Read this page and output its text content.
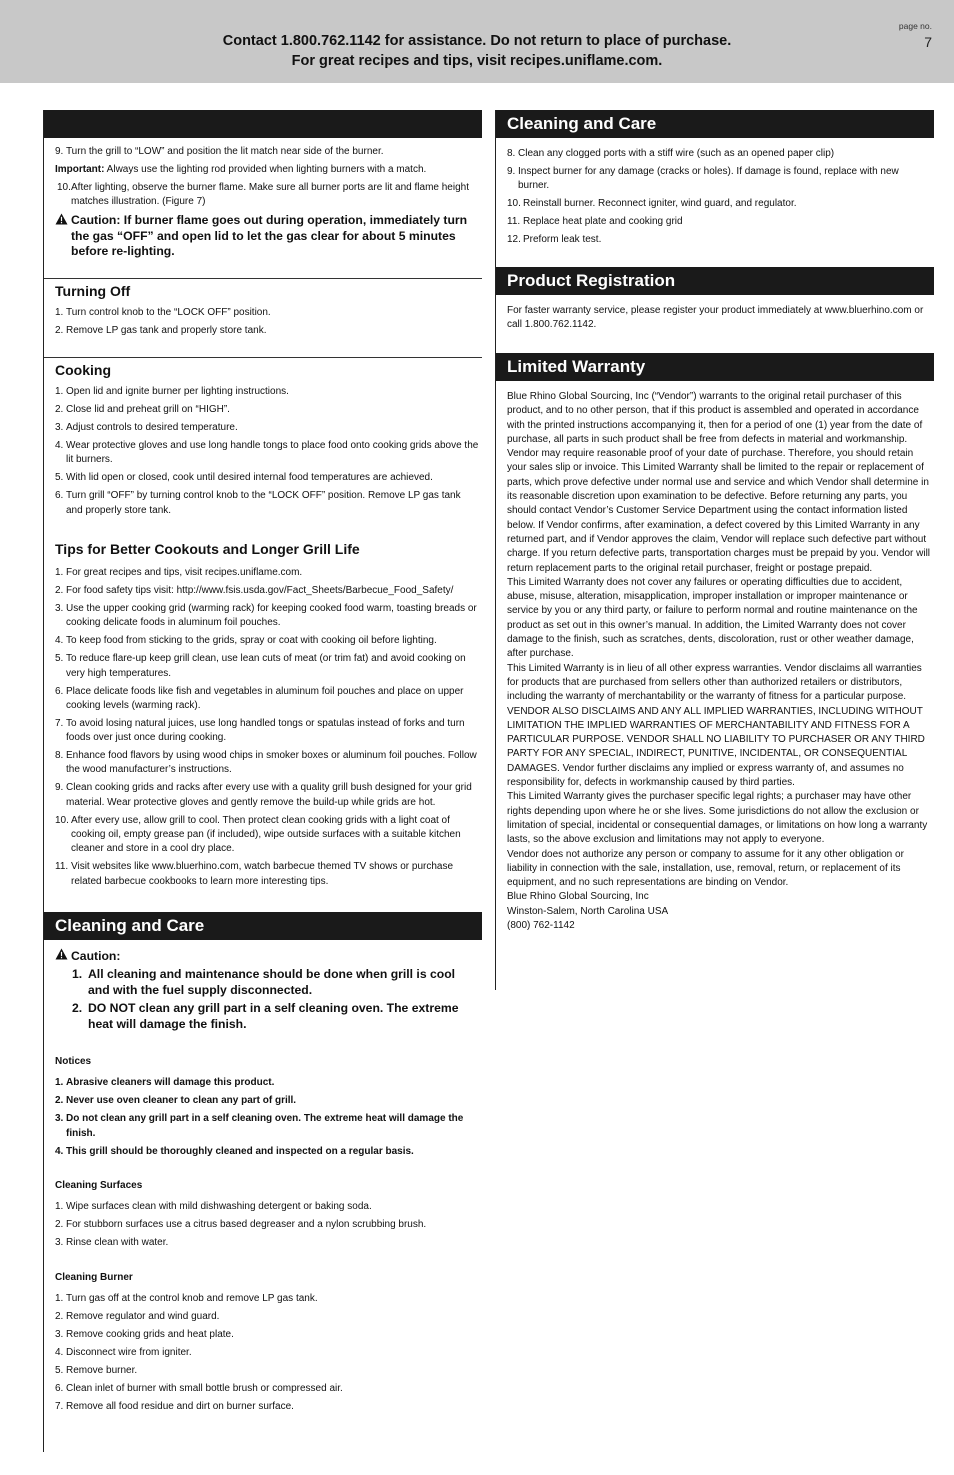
Contact 1.800.762.1142 for assistance. Do not return to place of purchase.
For great recipes and tips, visit recipes.uniflame.com.
page no.
7
9. Turn the grill to “LOW” and position the lit match near side of the burner.
Important: Always use the lighting rod provided when lighting burners with a match.
10. After lighting, observe the burner flame. Make sure all burner ports are lit and flame height matches illustration. (Figure 7)
Caution: If burner flame goes out during operation, immediately turn the gas “OFF” and open lid to let the gas clear for about 5 minutes before re-lighting.
Turning Off
1. Turn control knob to the “LOCK OFF” position.
2. Remove LP gas tank and properly store tank.
Cooking
1. Open lid and ignite burner per lighting instructions.
2. Close lid and preheat grill on “HIGH”.
3. Adjust controls to desired temperature.
4. Wear protective gloves and use long handle tongs to place food onto cooking grids above the lit burners.
5. With lid open or closed, cook until desired internal food temperatures are achieved.
6. Turn grill “OFF” by turning control knob to the “LOCK OFF” position. Remove LP gas tank and properly store tank.
Tips for Better Cookouts and Longer Grill Life
1. For great recipes and tips, visit recipes.uniflame.com.
2. For food safety tips visit: http://www.fsis.usda.gov/Fact_Sheets/Barbecue_Food_Safety/
3. Use the upper cooking grid (warming rack) for keeping cooked food warm, toasting breads or cooking delicate foods in aluminum foil pouches.
4. To keep food from sticking to the grids, spray or coat with cooking oil before lighting.
5. To reduce flare-up keep grill clean, use lean cuts of meat (or trim fat) and avoid cooking on very high temperatures.
6. Place delicate foods like fish and vegetables in aluminum foil pouches and place on upper cooking levels (warming rack).
7. To avoid losing natural juices, use long handled tongs or spatulas instead of forks and turn foods over just once during cooking.
8. Enhance food flavors by using wood chips in smoker boxes or aluminum foil pouches. Follow the wood manufacturer’s instructions.
9. Clean cooking grids and racks after every use with a quality grill bush designed for your grid material. Wear protective gloves and gently remove the build-up while grids are hot.
10. After every use, allow grill to cool. Then protect clean cooking grids with a light coat of cooking oil, empty grease pan (if included), wipe outside surfaces with a suitable kitchen cleaner and store in a cool dry place.
11. Visit websites like www.bluerhino.com, watch barbecue themed TV shows or purchase related barbecue cookbooks to learn more interesting tips.
Cleaning and Care
Caution:
1. All cleaning and maintenance should be done when grill is cool and with the fuel supply disconnected.
2. DO NOT clean any grill part in a self cleaning oven. The extreme heat will damage the finish.
Notices
1. Abrasive cleaners will damage this product.
2. Never use oven cleaner to clean any part of grill.
3. Do not clean any grill part in a self cleaning oven. The extreme heat will damage the finish.
4. This grill should be thoroughly cleaned and inspected on a regular basis.
Cleaning Surfaces
1. Wipe surfaces clean with mild dishwashing detergent or baking soda.
2. For stubborn surfaces use a citrus based degreaser and a nylon scrubbing brush.
3. Rinse clean with water.
Cleaning Burner
1. Turn gas off at the control knob and remove LP gas tank.
2. Remove regulator and wind guard.
3. Remove cooking grids and heat plate.
4. Disconnect wire from igniter.
5. Remove burner.
6. Clean inlet of burner with small bottle brush or compressed air.
7. Remove all food residue and dirt on burner surface.
Cleaning and Care
8. Clean any clogged ports with a stiff wire (such as an opened paper clip)
9. Inspect burner for any damage (cracks or holes). If damage is found, replace with new burner.
10. Reinstall burner. Reconnect igniter, wind guard, and regulator.
11. Replace heat plate and cooking grid
12. Preform leak test.
Product Registration
For faster warranty service, please register your product immediately at www.bluerhino.com or call 1.800.762.1142.
Limited Warranty

Blue Rhino Global Sourcing, Inc (“Vendor”) warrants to the original retail purchaser of this product, and to no other person, that if this product is assembled and operated in accordance with the printed instructions accompanying it, then for a period of one (1) year from the date of purchase, all parts in such product shall be free from defects in material and workmanship. Vendor may require reasonable proof of your date of purchase. Therefore, you should retain your sales slip or invoice. This Limited Warranty shall be limited to the repair or replacement of parts, which prove defective under normal use and service and which Vendor shall determine in its reasonable discretion upon examination to be defective. Before returning any parts, you should contact Vendor’s Customer Service Department using the contact information listed below. If Vendor confirms, after examination, a defect covered by this Limited Warranty in any returned part, and if Vendor approves the claim, Vendor will replace such defective part without charge. If you return defective parts, transportation charges must be prepaid by you. Vendor will return replacement parts to the original retail purchaser, freight or postage prepaid.

This Limited Warranty does not cover any failures or operating difficulties due to accident, abuse, misuse, alteration, misapplication, improper installation or improper maintenance or service by you or any third party, or failure to perform normal and routine maintenance on the product as set out in this owner’s manual. In addition, the Limited Warranty does not cover damage to the finish, such as scratches, dents, discoloration, rust or other weather damage, after purchase.

This Limited Warranty is in lieu of all other express warranties. Vendor disclaims all warranties for products that are purchased from sellers other than authorized retailers or distributors, including the warranty of merchantability or the warranty of fitness for a particular purpose. VENDOR ALSO DISCLAIMS AND ANY ALL IMPLIED WARRANTIES, INCLUDING WITHOUT LIMITATION THE IMPLIED WARRANTIES OF MERCHANTABILITY AND FITNESS FOR A PARTICULAR PURPOSE. VENDOR SHALL NO LIABILITY TO PURCHASER OR ANY THIRD PARTY FOR ANY SPECIAL, INDIRECT, PUNITIVE, INCIDENTAL, OR CONSEQUENTIAL DAMAGES. Vendor further disclaims any implied or express warranty of, and assumes no responsibility for, defects in workmanship caused by third parties.

This Limited Warranty gives the purchaser specific legal rights; a purchaser may have other rights depending upon where he or she lives. Some jurisdictions do not allow the exclusion or limitation of special, incidental or consequential damages, or limitations on how long a warranty lasts, so the above exclusion and limitations may not apply to everyone.

Vendor does not authorize any person or company to assume for it any other obligation or liability in connection with the sale, installation, use, removal, return, or replacement of its equipment, and no such representations are binding on Vendor.

Blue Rhino Global Sourcing, Inc
Winston-Salem, North Carolina USA
(800) 762-1142
